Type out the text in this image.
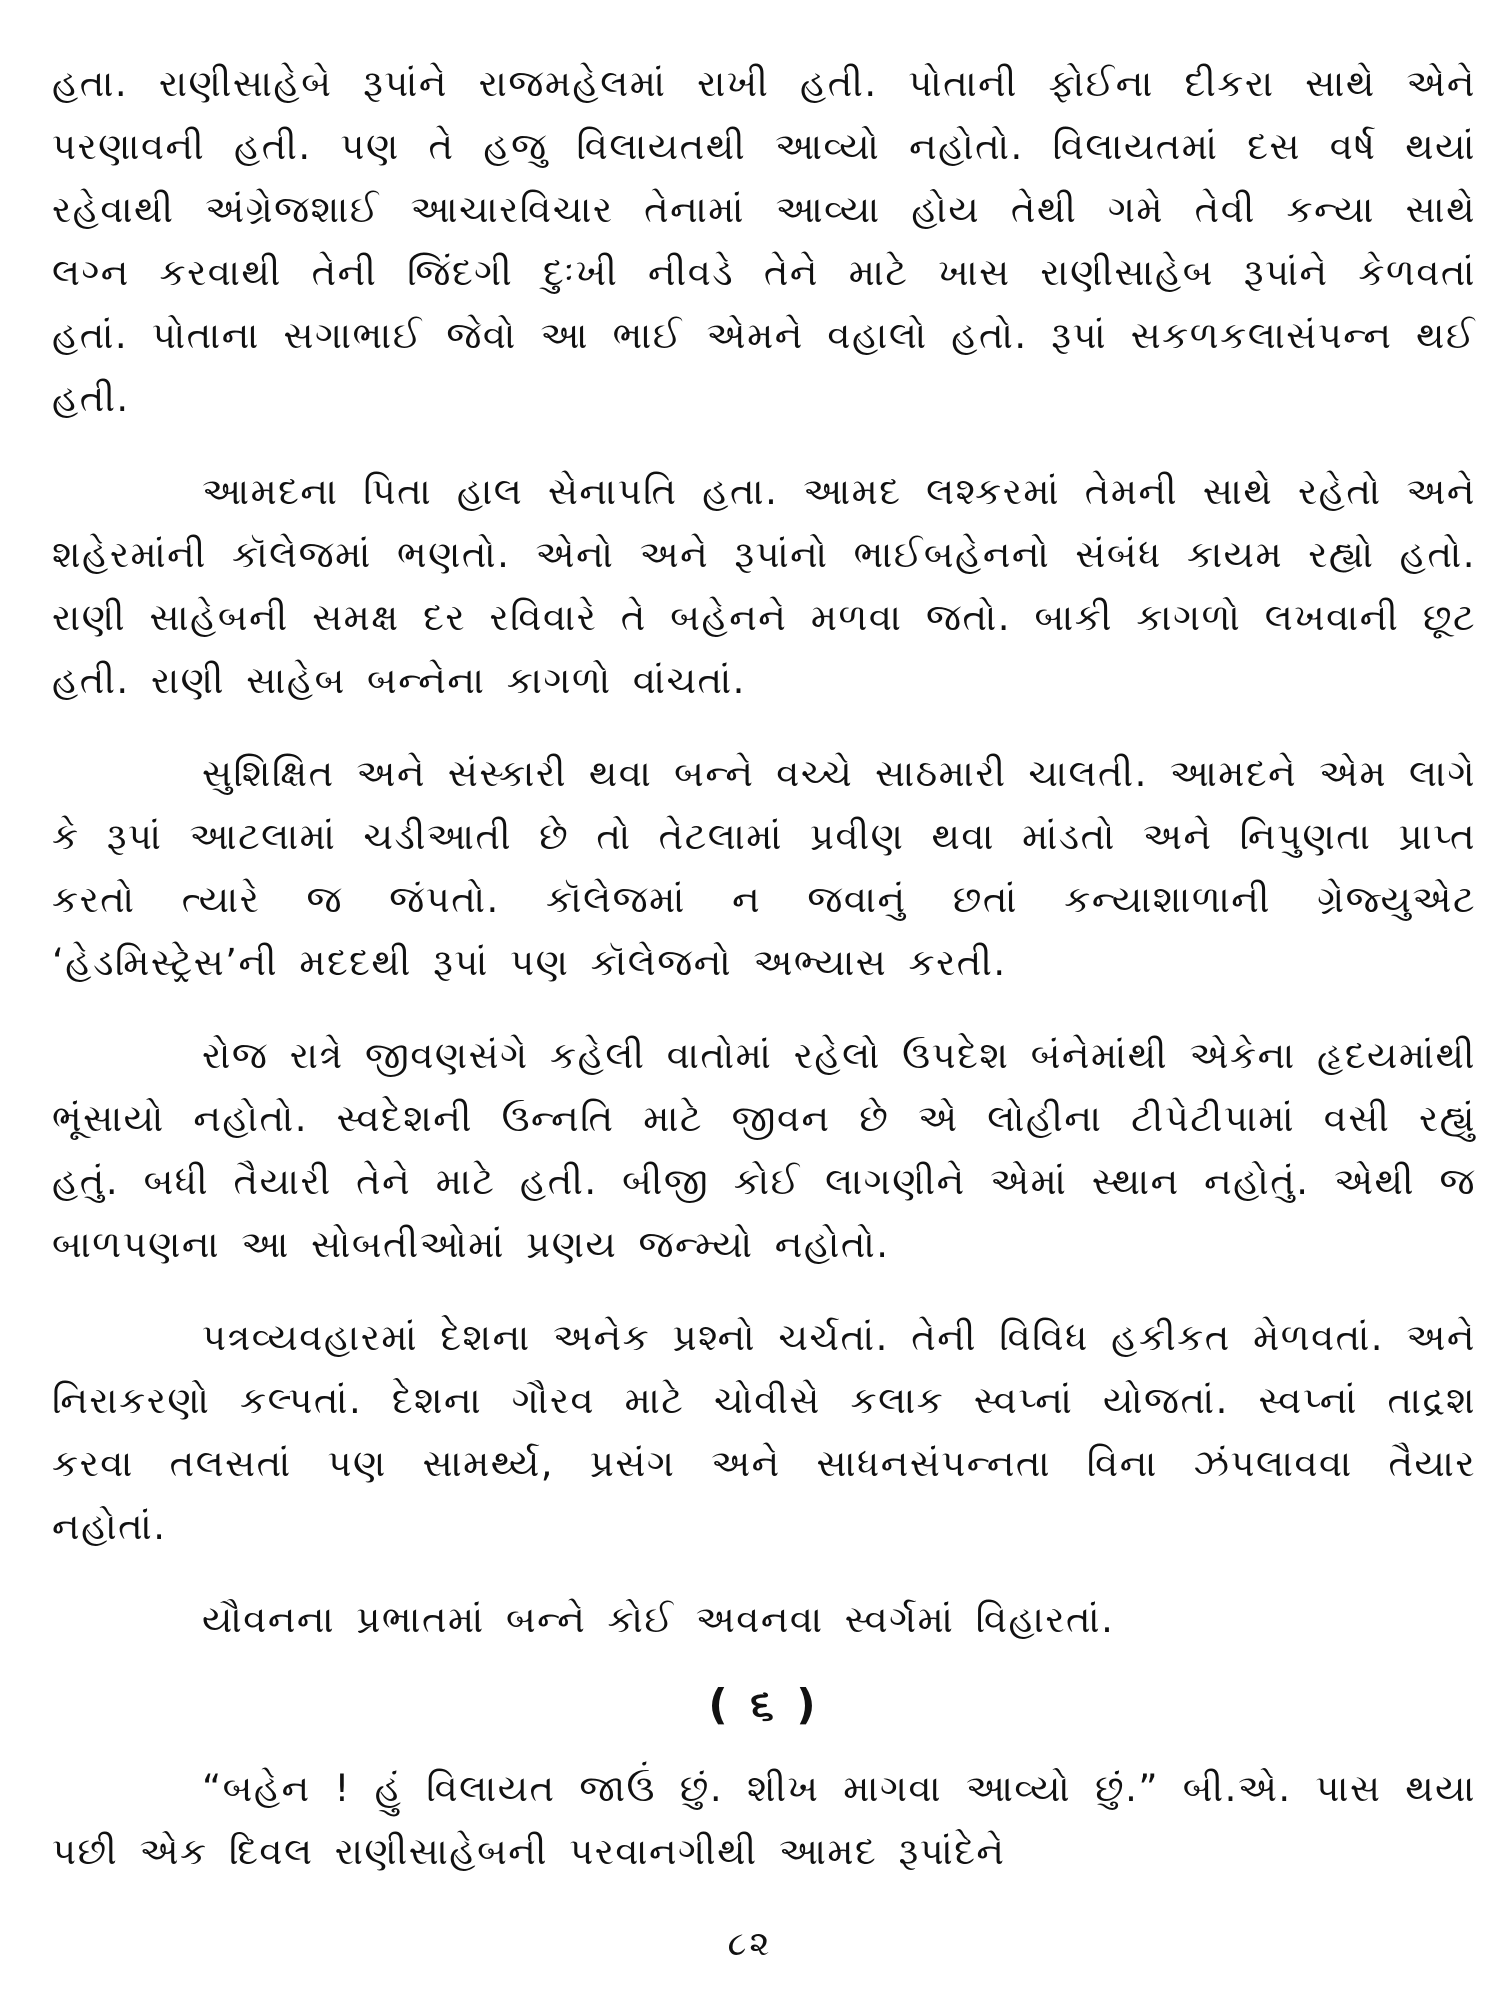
હતા. રાણીસાહેબે રૂપાંને રાજમહેલમાં રાખી હતી. પોતાની ફોઈના દીકરા સાથે એને પરણાવની હતી. પણ તે હજુ વિલાયતથી આવ્યો નહોતો. વિલાયતમાં દસ વર્ષ થયાં રહેવાથી અંગ્રેજશાઈ આચારવિચાર તેનામાં આવ્યા હોય તેથી ગમે તેવી કન્યા સાથે લગ્ન કરવાથી તેની જિંદગી દુઃખી નીવડે તેને માટે ખાસ રાણીસાહેબ રૂપાંને કેળવતાં હતાં. પોતાના સગાભાઈ જેવો આ ભાઈ એમને વહાલો હતો. રૂપાં સકળકલાસંપન્ન થઈ હતી.

આમદના પિતા હાલ સેનાપતિ હતા. આમદ લશ્કરમાં તેમની સાથે રહેતો અને શહેરમાંની કૉલેજમાં ભણતો. એનો અને રૂપાંનો ભાઈબહેનનો સંબંધ કાયમ રહ્યો હતો. રાણી સાહેબની સમક્ષ દર રવિવારે તે બહેનને મળવા જતો. બાકી કાગળો લખવાની છૂટ હતી. રાણી સાહેબ બન્નેના કાગળો વાંચતાં.

સુશિક્ષિત અને સંસ્કારી થવા બન્ને વચ્ચે સાઠમારી ચાલતી. આમદને એમ લાગે કે રૂપાં આટલામાં ચડીઆતી છે તો તેટલામાં પ્રવીણ થવા માંડતો અને નિપુણતા પ્રાપ્ત કરતો ત્યારે જ જંપતો. કૉલેજમાં ન જવાનું છતાં કન્યાશાળાની ગ્રેજ્યુએટ ‘હેડમિસ્ટ્રેસ’ની મદદથી રૂપાં પણ કૉલેજનો અભ્યાસ કરતી.

રોજ રાત્રે જીવણસંગે કહેલી વાતોમાં રહેલો ઉપદેશ બંનેમાંથી એકેના હૃદયમાંથી ભૂંસાયો નહોતો. સ્વદેશની ઉન્નતિ માટે જીવન છે એ લોહીના ટીપેટીપામાં વસી રહ્યું હતું. બધી તૈયારી તેને માટે હતી. બીજી કોઈ લાગણીને એમાં સ્થાન નહોતું. એથી જ બાળપણના આ સોબતીઓમાં પ્રણય જન્મ્યો નહોતો.

પત્રવ્યવહારમાં દેશના અનેક પ્રશ્નો ચર્ચતાં. તેની વિવિધ હકીકત મેળવતાં. અને નિરાકરણો કલ્પતાં. દેશના ગૌરવ માટે ચોવીસે કલાક સ્વપ્નાં યોજતાં. સ્વપ્નાં તાદ્રશ કરવા તલસતાં પણ સામર્થ્ય, પ્રસંગ અને સાધનસંપન્નતા વિના ઝંપલાવવા તૈયાર નહોતાં.

યૌવનના પ્રભાતમાં બન્ને કોઈ અવનવા સ્વર્ગમાં વિહારતાં.

( ૬ )

“બહેન ! હું વિલાયત જાઉં છું. શીખ માગવા આવ્યો છું.” બી.એ. પાસ થયા પછી એક દિવલ રાણીસાહેબની પરવાનગીથી આમદ રૂપાંદેને

૮૨
